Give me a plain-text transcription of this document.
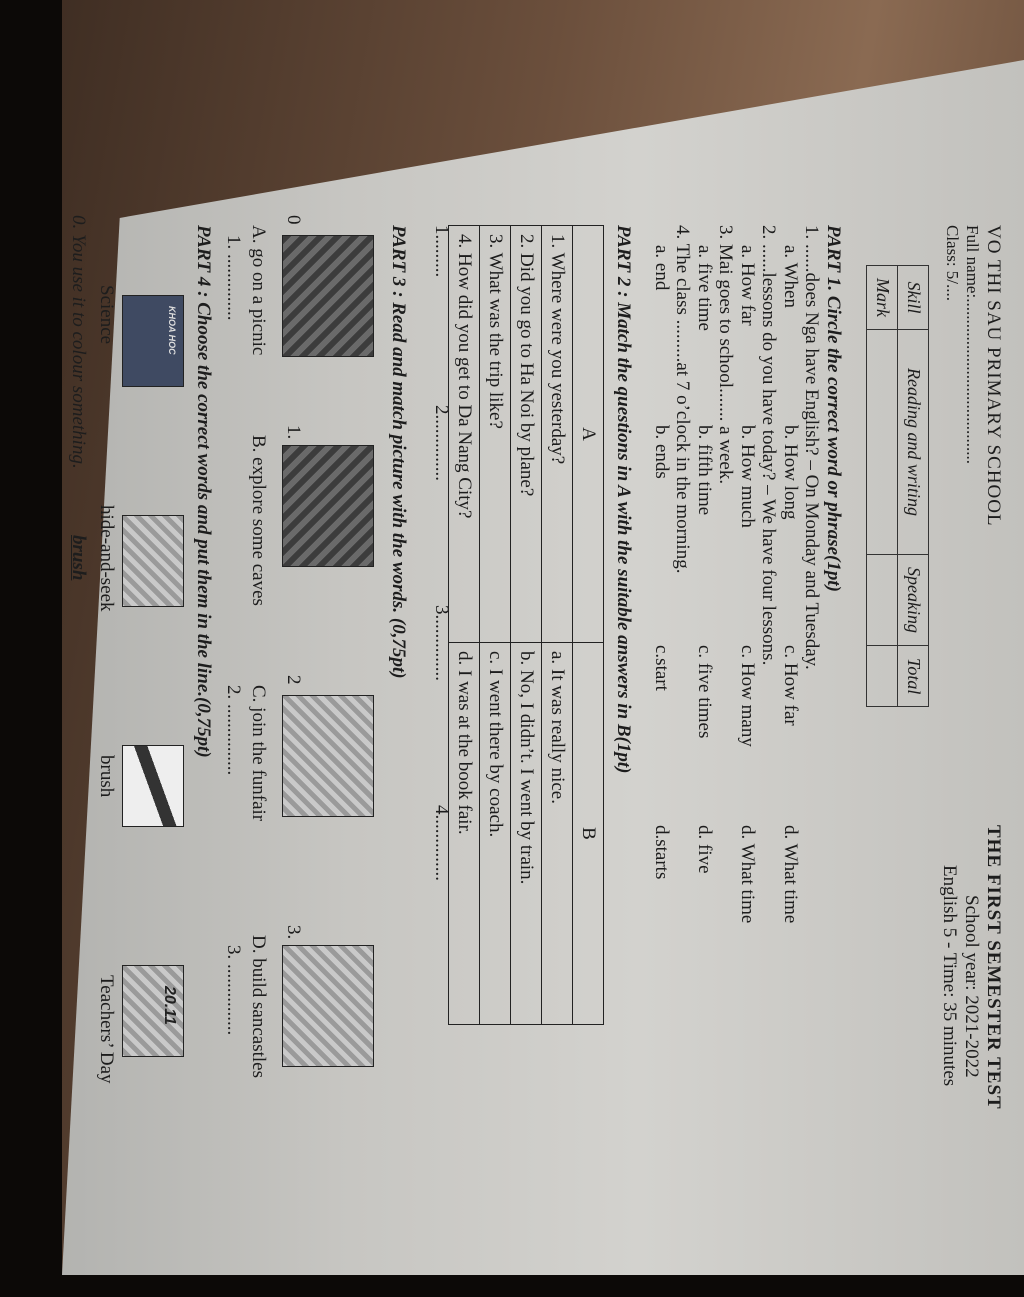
VO THI SAU PRIMARY SCHOOL
Full name:.......................................
Class: 5/....
THE FIRST SEMESTER TEST
School year: 2021-2022
English 5 - Time: 35 minutes
Skill	Reading and writing	Speaking	Total
Mark			
PART 1. Circle the correct word or phrase(1pt)
1. ......does Nga have English? – On Monday and Tuesday.
a. When
b. How long
c. How far
d. What time
2. ......lessons do you have today? – We have four lessons.
a. How far
b. How much
c. How many
d. What time
3. Mai goes to school....... a week.
a. five time
b. fifth time
c. five times
d. five
4. The class .........at 7 o’clock in the morning.
a. end
b. ends
c.start
d.starts
PART 2 : Match the questions in A with the suitable answers in B(1pt)
A	B
1. Where were you yesterday?	a. It was really nice.
2. Did you go to Ha Noi by plane?	b. No, I didn’t. I went by train.
3. What was the trip like?	c. I went there by coach.
4. How did you get to Da Nang City?	d. I was at the book fair.
1.........
2..............
3..............
4..............
PART 3 : Read and match picture with the words. (0,75pt)
0
1.
2
3.
A. go on a picnic
B. explore some caves
C. join the funfair
D. build sancastles
1. ..............
2. ...............
3. ...............
PART 4 : Choose the correct words and put them in the line.(0,75pt)
KHOA HOC
20.11
Science
hide-and-seek
brush
Teachers’ Day
0. You use it to colour something.
brush
